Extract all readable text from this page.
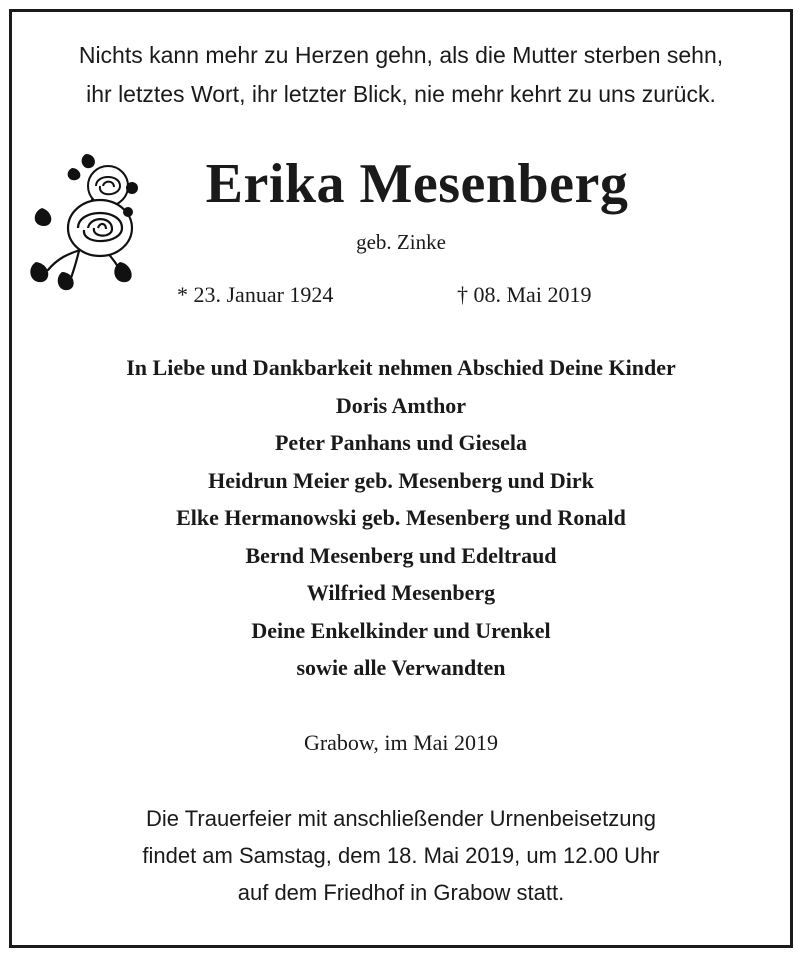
Nichts kann mehr zu Herzen gehn, als die Mutter sterben sehn,
ihr letztes Wort, ihr letzter Blick, nie mehr kehrt zu uns zurück.
Erika Mesenberg
geb. Zinke
* 23. Januar 1924	† 08. Mai 2019
In Liebe und Dankbarkeit nehmen Abschied Deine Kinder
Doris Amthor
Peter Panhans und Giesela
Heidrun Meier geb. Mesenberg und Dirk
Elke Hermanowski geb. Mesenberg und Ronald
Bernd Mesenberg und Edeltraud
Wilfried Mesenberg
Deine Enkelkinder und Urenkel
sowie alle Verwandten
Grabow, im Mai 2019
Die Trauerfeier mit anschließender Urnenbeisetzung
findet am Samstag, dem 18. Mai 2019, um 12.00 Uhr
auf dem Friedhof in Grabow statt.
